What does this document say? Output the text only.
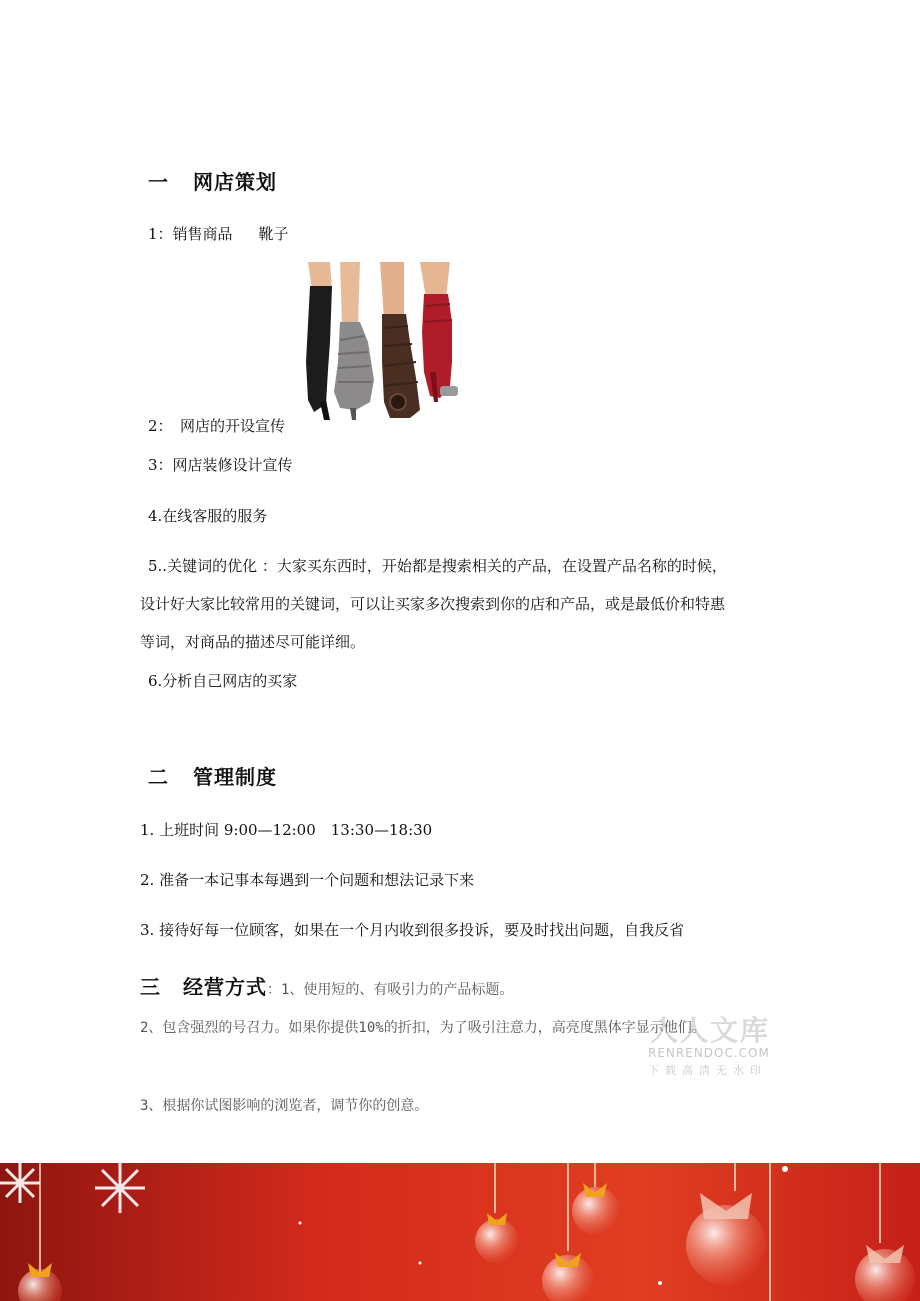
一 网店策划
1：销售商品 靴子
2：　网店的开设宣传
3：网店装修设计宣传
4.在线客服的服务
5..关键词的优化 ：大家买东西时，开始都是搜索相关的产品，在设置产品名称的时候，
设计好大家比较常用的关键词，可以让买家多次搜索到你的店和产品，或是最低价和特惠
等词，对商品的描述尽可能详细。
6.分析自己网店的买家
二 管理制度
1. 上班时间 9:00—12:00　13:30—18:30
2. 准备一本记事本每遇到一个问题和想法记录下来
3. 接待好每一位顾客，如果在一个月内收到很多投诉，要及时找出问题，自我反省
三 经营方式：1、使用短的、有吸引力的产品标题。
2、包含强烈的号召力。如果你提供10%的折扣，为了吸引注意力，高亮度黑体字显示他们。
3、根据你试图影响的浏览者，调节你的创意。
人人文库
RENRENDOC.COM
下载高清无水印
